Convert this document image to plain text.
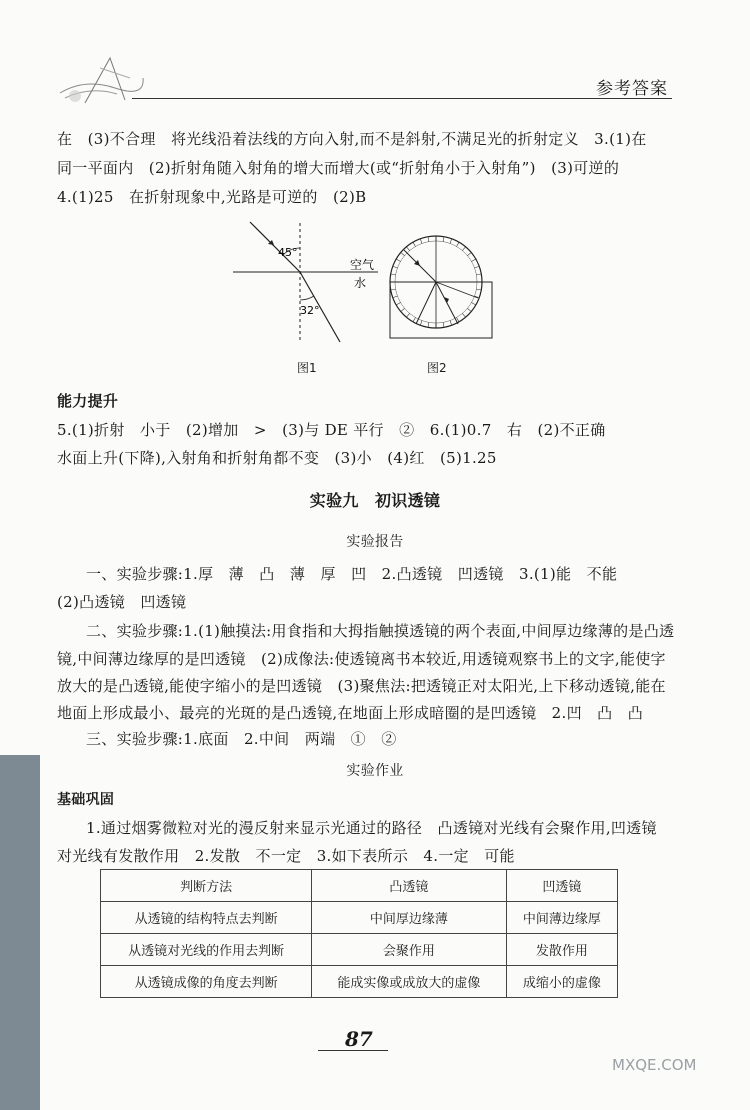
参考答案
在　(3)不合理　将光线沿着法线的方向入射,而不是斜射,不满足光的折射定义　3.(1)在
同一平面内　(2)折射角随入射角的增大而增大(或“折射角小于入射角”)　(3)可逆的
4.(1)25　在折射现象中,光路是可逆的　(2)B
45°
32°
空气
水
图1	图2
能力提升
5.(1)折射　小于　(2)增加　>　(3)与 DE 平行　②　6.(1)0.7　右　(2)不正确
水面上升(下降),入射角和折射角都不变　(3)小　(4)红　(5)1.25
实验九　初识透镜
实验报告
一、实验步骤:1.厚　薄　凸　薄　厚　凹　2.凸透镜　凹透镜　3.(1)能　不能
(2)凸透镜　凹透镜
二、实验步骤:1.(1)触摸法:用食指和大拇指触摸透镜的两个表面,中间厚边缘薄的是凸透
镜,中间薄边缘厚的是凹透镜　(2)成像法:使透镜离书本较近,用透镜观察书上的文字,能使字
放大的是凸透镜,能使字缩小的是凹透镜　(3)聚焦法:把透镜正对太阳光,上下移动透镜,能在
地面上形成最小、最亮的光斑的是凸透镜,在地面上形成暗圈的是凹透镜　2.凹　凸　凸
三、实验步骤:1.底面　2.中间　两端　①　②
实验作业
基础巩固
1.通过烟雾微粒对光的漫反射来显示光通过的路径　凸透镜对光线有会聚作用,凹透镜
对光线有发散作用　2.发散　不一定　3.如下表所示　4.一定　可能
判断方法	凸透镜	凹透镜
从透镜的结构特点去判断	中间厚边缘薄	中间薄边缘厚
从透镜对光线的作用去判断	会聚作用	发散作用
从透镜成像的角度去判断	能成实像或成放大的虚像	成缩小的虚像
87
MXQE.COM
